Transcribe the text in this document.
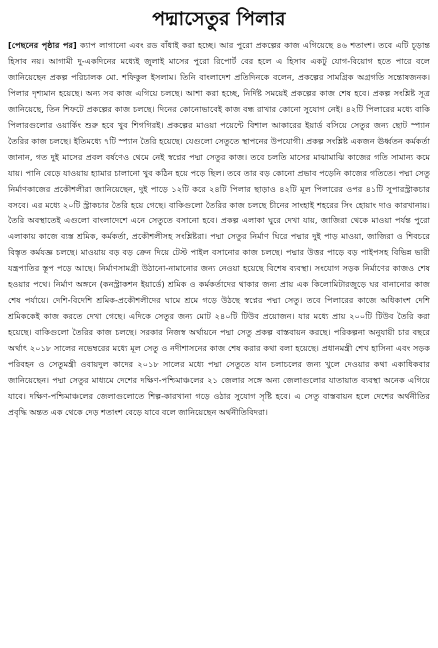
পদ্মাসেতুর পিলার
[পেছনের পৃষ্ঠার পর] ক্যাপ লাগানো এবং রড বাঁধাই করা হচ্ছে। আর পুরো প্রকল্পের কাজ এগিয়েছে ৪৬ শতাংশ। তবে এটি চূড়ান্ত হিসাব নয়। আগামী দু-একদিনের মধ্যেই জুলাই মাসের পুরো রিপোর্ট বের হলে এ হিসাব একটু যোগ-বিয়োগ হতে পারে বলে জানিয়েছেন প্রকল্প পরিচালক মো. শফিকুল ইসলাম। তিনি বাংলাদেশ প্রতিদিনকে বলেন, প্রকল্পের সামগ্রিক অগ্রগতি সন্তোষজনক। পিলার দৃশ্যমান হয়েছে। অন্য সব কাজ এগিয়ে চলছে। আশা করা হচ্ছে, নির্দিষ্ট সময়েই প্রকল্পের কাজ শেষ হবে। প্রকল্প সংশ্লিষ্ট সূত্র জানিয়েছে, তিন শিফটে প্রকল্পের কাজ চলছে। দিনের কোনোভাবেই কাজ বন্ধ রাখার কোনো সুযোগ নেই। ৪২টি পিলারের মধ্যে বাকি পিলারগুলোর ওয়ার্কিং শুরু হবে খুব শিগগিরই। প্রকল্পের মাওয়া পয়েন্টে বিশাল আকারের ইয়ার্ড বসিয়ে সেতুর জন্য ছোট স্প্যান তৈরির কাজ চলছে। ইতিমধ্যে ৭টি স্প্যান তৈরি হয়েছে। যেগুলো সেতুতে স্থাপনের উপযোগী। প্রকল্প সংশ্লিষ্ট একজন ঊর্ধ্বতন কর্মকর্তা জানান, গত দুই মাসের প্রবল বর্ষণেও থেমে নেই স্বপ্নের পদ্মা সেতুর কাজ। তবে চলতি মাসের মাঝামাঝি কাজের গতি সামান্য কমে যায়। পানি বেড়ে যাওয়ায় হ্যামার চালানো খুব কঠিন হয়ে পড়ে ছিল। তবে তার বড় কোনো প্রভাব পড়েনি কাজের গতিতে। পদ্মা সেতু নির্মাণকাজের প্রকৌশলীরা জানিয়েছেন, দুই পাড়ে ১২টি করে ২৪টি পিলার ছাড়াও ৪২টি মূল পিলারের ওপর ৪১টি সুপারস্ট্রাকচার বসবে। এর মধ্যে ২০টি স্ট্রাকচার তৈরি হয়ে গেছে। বাকিগুলো তৈরির কাজ চলছে চীনের সাংহাই শহরের সিং হোয়াং দাও কারখানায়। তৈরি অবস্থাতেই এগুলো বাংলাদেশে এনে সেতুতে বসানো হবে। প্রকল্প এলাকা ঘুরে দেখা যায়, জাজিরা থেকে মাওয়া পর্যন্ত পুরো এলাকায় কাজে ব্যস্ত শ্রমিক, কর্মকর্তা, প্রকৌশলীসহ সংশ্লিষ্টরা। পদ্মা সেতুর নির্মাণ ঘিরে পদ্মার দুই পাড় মাওয়া, জাজিরা ও শিবচরে বিস্তৃত কর্মযজ্ঞ চলছে। মাওয়ায় বড় বড় ক্রেন দিয়ে টেস্ট পাইল বসানোর কাজ চলছে। পদ্মার উত্তর পাড়ে বড় পাইপসহ বিভিন্ন ভারী যন্ত্রপাতির স্তূপ পড়ে আছে। নির্মাণসামগ্রী উঠানো-নামানোর জন্য নেওয়া হয়েছে বিশেষ ব্যবস্থা। সংযোগ সড়ক নির্মাণের কাজও শেষ হওয়ার পথে। নির্মাণ অঙ্গনে (কনস্ট্রাকশন ইয়ার্ডে) শ্রমিক ও কর্মকর্তাদের থাকার জন্য প্রায় এক কিলোমিটারজুড়ে ঘর বানানোর কাজ শেষ পর্যায়ে। দেশি-বিদেশি শ্রমিক-প্রকৌশলীদের ঘামে শ্রমে গড়ে উঠছে স্বপ্নের পদ্মা সেতু। তবে পিলারের কাজে অধিকাংশ দেশি শ্রমিককেই কাজ করতে দেখা গেছে। এদিকে সেতুর জন্য মোট ২৪০টি টিউব প্রয়োজন। যার মধ্যে প্রায় ২০০টি টিউব তৈরি করা হয়েছে। বাকিগুলো তৈরির কাজ চলছে। সরকার নিজস্ব অর্থায়নে পদ্মা সেতু প্রকল্প বাস্তবায়ন করছে। পরিকল্পনা অনুযায়ী চার বছরে অর্থাৎ ২০১৮ সালের নভেম্বরের মধ্যে মূল সেতু ও নদীশাসনের কাজ শেষ করার কথা বলা হয়েছে। প্রধানমন্ত্রী শেখ হাসিনা এবং সড়ক পরিবহন ও সেতুমন্ত্রী ওবায়দুল কাদের ২০১৮ সালের মধ্যে পদ্মা সেতুতে যান চলাচলের জন্য খুলে দেওয়ার কথা একাধিকবার জানিয়েছেন। পদ্মা সেতুর মাধ্যমে দেশের দক্ষিণ-পশ্চিমাঞ্চলের ২১ জেলার সঙ্গে অন্য জেলাগুলোর যাতায়াত ব্যবস্থা অনেক এগিয়ে যাবে। দক্ষিণ-পশ্চিমাঞ্চলের জেলাগুলোতে শিল্প-কারখানা গড়ে ওঠার সুযোগ সৃষ্টি হবে। এ সেতু বাস্তবায়ন হলে দেশের অর্থনীতির প্রবৃদ্ধি অন্তত এক থেকে দেড় শতাংশ বেড়ে যাবে বলে জানিয়েছেন অর্থনীতিবিদরা।
